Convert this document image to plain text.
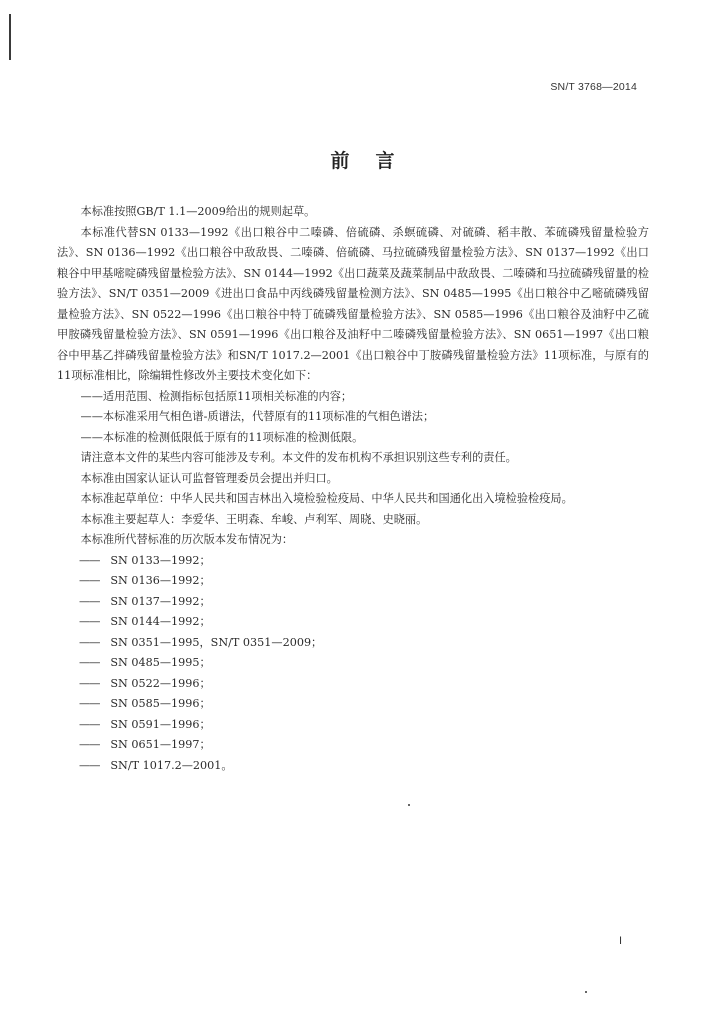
SN/T 3768—2014
前言

本标准按照GB/T 1.1—2009给出的规则起草。

本标准代替SN 0133—1992《出口粮谷中二嗪磷、倍硫磷、杀螟硫磷、对硫磷、稻丰散、苯硫磷残留量检验方法》、SN 0136—1992《出口粮谷中敌敌畏、二嗪磷、倍硫磷、马拉硫磷残留量检验方法》、SN 0137—1992《出口粮谷中甲基嘧啶磷残留量检验方法》、SN 0144—1992《出口蔬菜及蔬菜制品中敌敌畏、二嗪磷和马拉硫磷残留量的检验方法》、SN/T 0351—2009《进出口食品中丙线磷残留量检测方法》、SN 0485—1995《出口粮谷中乙嘧硫磷残留量检验方法》、SN 0522—1996《出口粮谷中特丁硫磷残留量检验方法》、SN 0585—1996《出口粮谷及油籽中乙硫甲胺磷残留量检验方法》、SN 0591—1996《出口粮谷及油籽中二嗪磷残留量检验方法》、SN 0651—1997《出口粮谷中甲基乙拌磷残留量检验方法》和SN/T 1017.2—2001《出口粮谷中丁胺磷残留量检验方法》11项标准，与原有的11项标准相比，除编辑性修改外主要技术变化如下：

——适用范围、检测指标包括原11项相关标准的内容；

——本标准采用气相色谱-质谱法，代替原有的11项标准的气相色谱法；

——本标准的检测低限低于原有的11项标准的检测低限。

请注意本文件的某些内容可能涉及专利。本文件的发布机构不承担识别这些专利的责任。

本标准由国家认证认可监督管理委员会提出并归口。

本标准起草单位：中华人民共和国吉林出入境检验检疫局、中华人民共和国通化出入境检验检疫局。

本标准主要起草人：李爱华、王明森、牟峻、卢利军、周晓、史晓丽。

本标准所代替标准的历次版本发布情况为：

—— SN 0133—1992；
—— SN 0136—1992；
—— SN 0137—1992；
—— SN 0144—1992；
—— SN 0351—1995，SN/T 0351—2009；
—— SN 0485—1995；
—— SN 0522—1996；
—— SN 0585—1996；
—— SN 0591—1996；
—— SN 0651—1997；
—— SN/T 1017.2—2001。
I
